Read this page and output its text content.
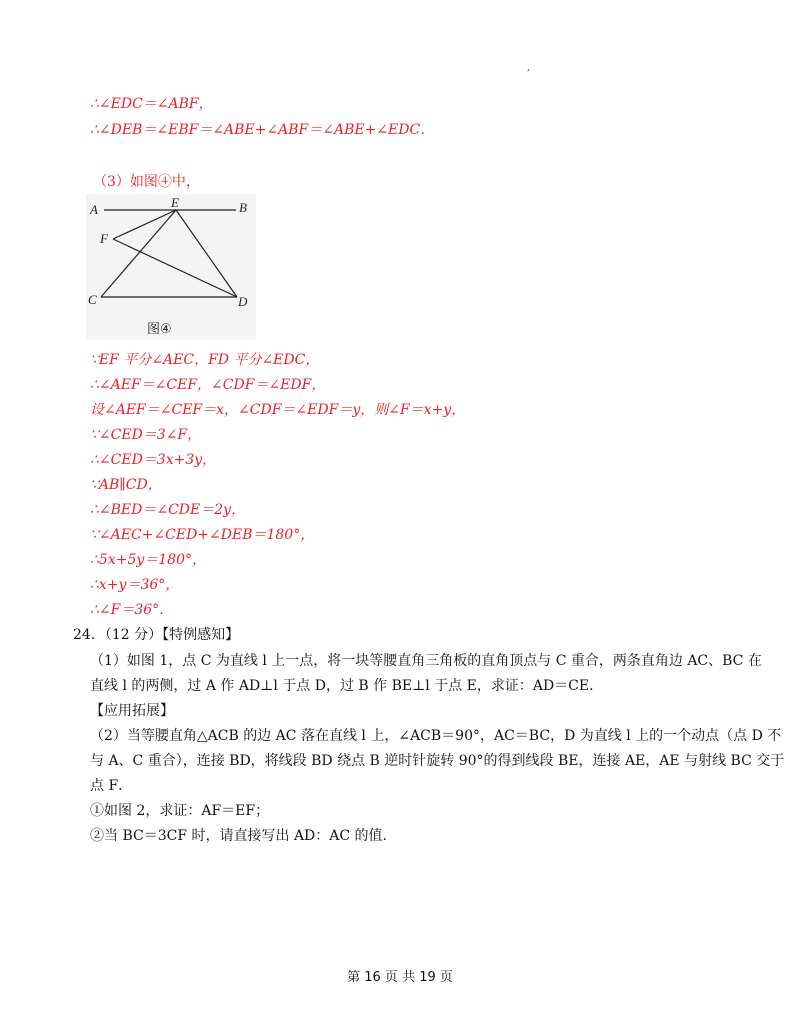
,
∴∠EDC＝∠ABF，
∴∠DEB＝∠EBF＝∠ABE+∠ABF＝∠ABE+∠EDC．
（3）如图④中，
A	E	B
F
C	D
图④
∵EF 平分∠AEC，FD 平分∠EDC，
∴∠AEF＝∠CEF，∠CDF＝∠EDF，
设∠AEF＝∠CEF＝x，∠CDF＝∠EDF＝y，则∠F＝x+y，
∵∠CED＝3∠F，
∴∠CED＝3x+3y，
∵AB∥CD，
∴∠BED＝∠CDE＝2y，
∵∠AEC+∠CED+∠DEB＝180°，
∴5x+5y＝180°，
∴x+y＝36°，
∴∠F＝36°．
24．（12 分）【特例感知】
（1）如图 1，点 C 为直线 l 上一点，将一块等腰直角三角板的直角顶点与 C 重合，两条直角边 AC、BC 在
直线 l 的两侧，过 A 作 AD⊥l 于点 D，过 B 作 BE⊥l 于点 E，求证：AD＝CE．
【应用拓展】
（2）当等腰直角△ACB 的边 AC 落在直线 l 上，∠ACB＝90°，AC＝BC，D 为直线 l 上的一个动点（点 D 不
与 A、C 重合），连接 BD，将线段 BD 绕点 B 逆时针旋转 90°的得到线段 BE，连接 AE，AE 与射线 BC 交于
点 F．
①如图 2，求证：AF＝EF；
②当 BC＝3CF 时，请直接写出 AD：AC 的值．
第 16 页 共 19 页
